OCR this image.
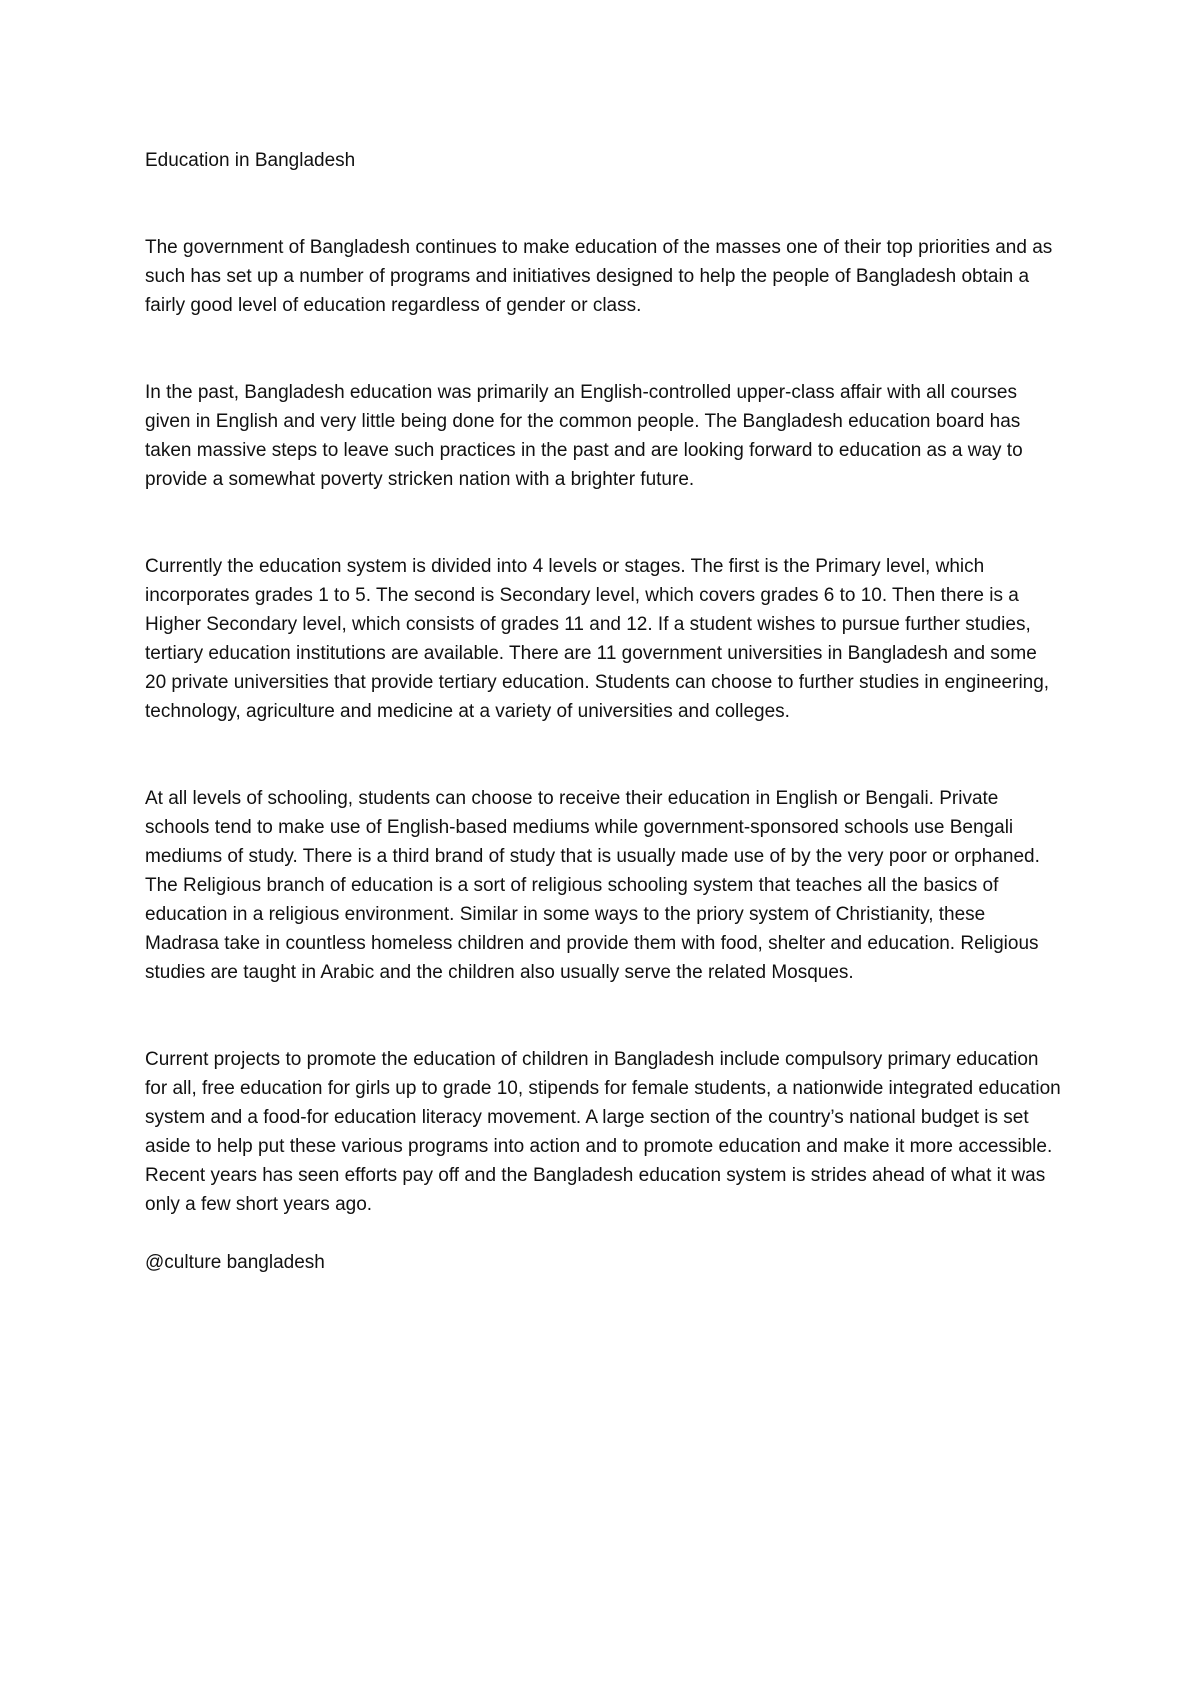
Education in Bangladesh

The government of Bangladesh continues to make education of the masses one of their top priorities and as such has set up a number of programs and initiatives designed to help the people of Bangladesh obtain a fairly good level of education regardless of gender or class.

In the past, Bangladesh education was primarily an English-controlled upper-class affair with all courses given in English and very little being done for the common people. The Bangladesh education board has taken massive steps to leave such practices in the past and are looking forward to education as a way to provide a somewhat poverty stricken nation with a brighter future.

Currently the education system is divided into 4 levels or stages. The first is the Primary level, which incorporates grades 1 to 5. The second is Secondary level, which covers grades 6 to 10. Then there is a Higher Secondary level, which consists of grades 11 and 12. If a student wishes to pursue further studies, tertiary education institutions are available. There are 11 government universities in Bangladesh and some 20 private universities that provide tertiary education. Students can choose to further studies in engineering, technology, agriculture and medicine at a variety of universities and colleges.

At all levels of schooling, students can choose to receive their education in English or Bengali. Private schools tend to make use of English-based mediums while government-sponsored schools use Bengali mediums of study. There is a third brand of study that is usually made use of by the very poor or orphaned. The Religious branch of education is a sort of religious schooling system that teaches all the basics of education in a religious environment. Similar in some ways to the priory system of Christianity, these Madrasa take in countless homeless children and provide them with food, shelter and education. Religious studies are taught in Arabic and the children also usually serve the related Mosques.

Current projects to promote the education of children in Bangladesh include compulsory primary education for all, free education for girls up to grade 10, stipends for female students, a nationwide integrated education system and a food-for education literacy movement. A large section of the country’s national budget is set aside to help put these various programs into action and to promote education and make it more accessible. Recent years has seen efforts pay off and the Bangladesh education system is strides ahead of what it was only a few short years ago.

@culture bangladesh
